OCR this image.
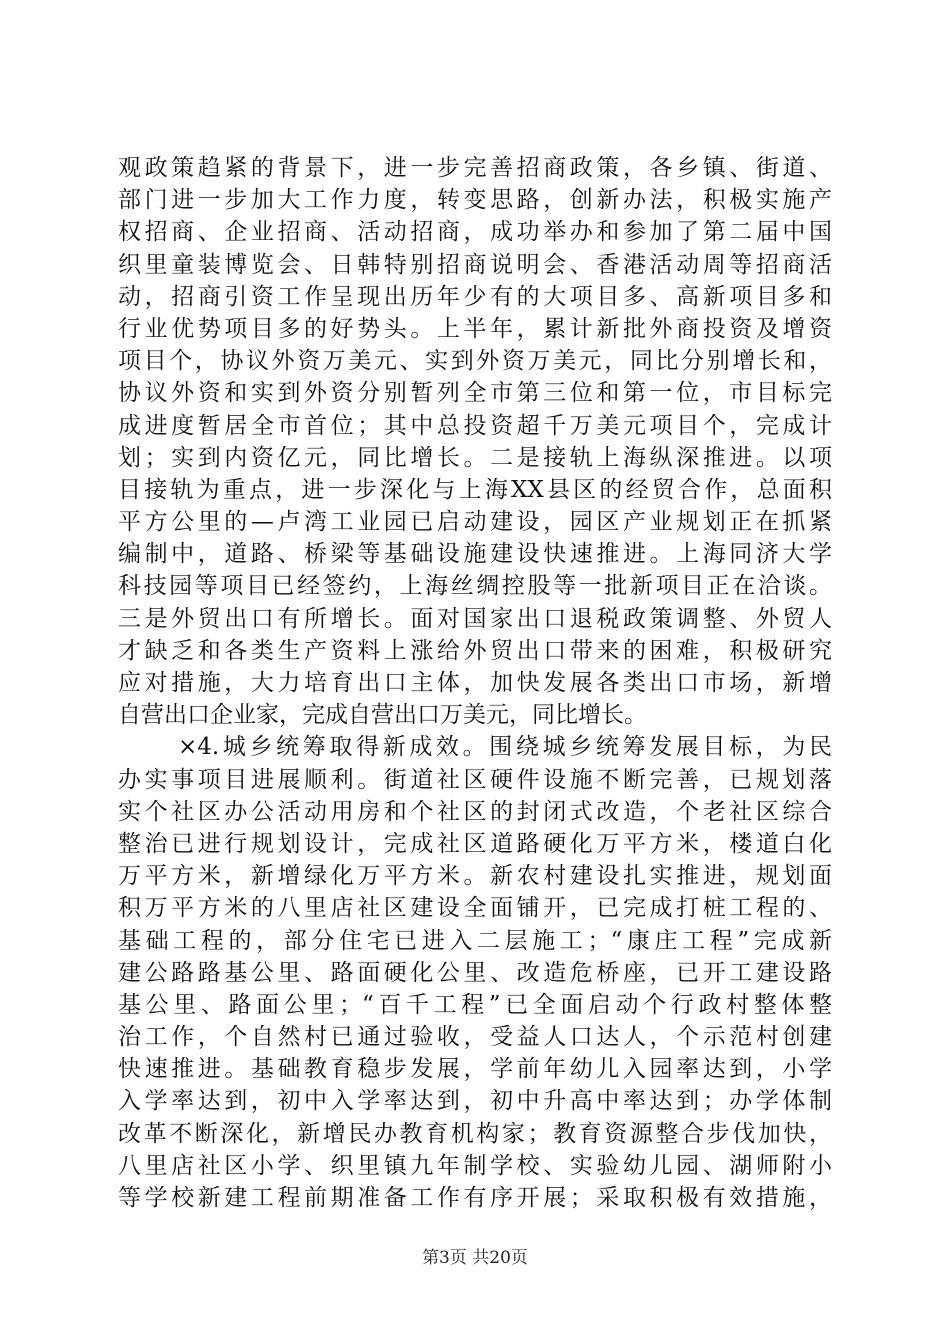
观政策趋紧的背景下，进一步完善招商政策，各乡镇、街道、
部门进一步加大工作力度，转变思路，创新办法，积极实施产
权招商、企业招商、活动招商，成功举办和参加了第二届中国
织里童装博览会、日韩特别招商说明会、香港活动周等招商活
动，招商引资工作呈现出历年少有的大项目多、高新项目多和
行业优势项目多的好势头。上半年，累计新批外商投资及增资
项目个，协议外资万美元、实到外资万美元，同比分别增长和，
协议外资和实到外资分别暂列全市第三位和第一位，市目标完
成进度暂居全市首位；其中总投资超千万美元项目个，完成计
划；实到内资亿元，同比增长。二是接轨上海纵深推进。以项
目接轨为重点，进一步深化与上海XX县区的经贸合作，总面积
平方公里的—卢湾工业园已启动建设，园区产业规划正在抓紧
编制中，道路、桥梁等基础设施建设快速推进。上海同济大学
科技园等项目已经签约，上海丝绸控股等一批新项目正在洽谈。
三是外贸出口有所增长。面对国家出口退税政策调整、外贸人
才缺乏和各类生产资料上涨给外贸出口带来的困难，积极研究
应对措施，大力培育出口主体，加快发展各类出口市场，新增
自营出口企业家，完成自营出口万美元，同比增长。
×4.城乡统筹取得新成效。围绕城乡统筹发展目标，为民
办实事项目进展顺利。街道社区硬件设施不断完善，已规划落
实个社区办公活动用房和个社区的封闭式改造，个老社区综合
整治已进行规划设计，完成社区道路硬化万平方米，楼道白化
万平方米，新增绿化万平方米。新农村建设扎实推进，规划面
积万平方米的八里店社区建设全面铺开，已完成打桩工程的、
基础工程的，部分住宅已进入二层施工；“康庄工程”完成新
建公路路基公里、路面硬化公里、改造危桥座，已开工建设路
基公里、路面公里；“百千工程”已全面启动个行政村整体整
治工作，个自然村已通过验收，受益人口达人，个示范村创建
快速推进。基础教育稳步发展，学前年幼儿入园率达到，小学
入学率达到，初中入学率达到，初中升高中率达到；办学体制
改革不断深化，新增民办教育机构家；教育资源整合步伐加快，
八里店社区小学、织里镇九年制学校、实验幼儿园、湖师附小
等学校新建工程前期准备工作有序开展；采取积极有效措施，
第3页 共20页
